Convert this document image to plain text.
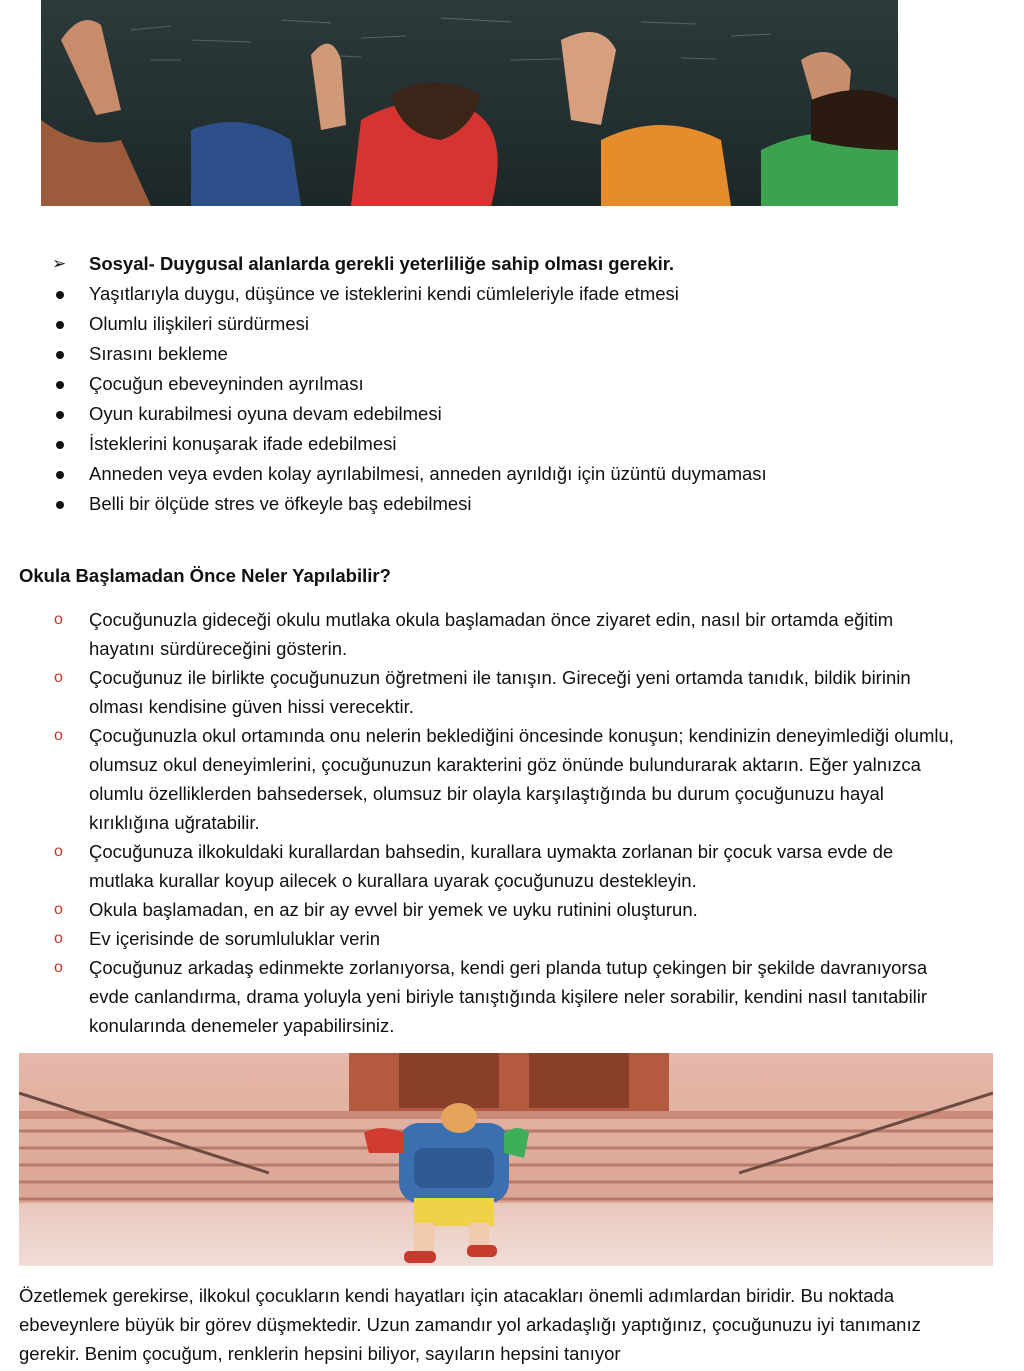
➢	Sosyal- Duygusal alanlarda gerekli yeterliliğe sahip olması gerekir.
Yaşıtlarıyla duygu, düşünce ve isteklerini kendi cümleleriyle ifade etmesi
Olumlu ilişkileri sürdürmesi
Sırasını bekleme
Çocuğun ebeveyninden ayrılması
Oyun kurabilmesi oyuna devam edebilmesi
İsteklerini konuşarak ifade edebilmesi
Anneden veya evden kolay ayrılabilmesi, anneden ayrıldığı için üzüntü duymaması
Belli bir ölçüde stres ve öfkeyle baş edebilmesi
Okula Başlamadan Önce Neler Yapılabilir?
o	Çocuğunuzla gideceği okulu mutlaka okula başlamadan önce ziyaret edin, nasıl bir ortamda eğitim hayatını sürdüreceğini gösterin.
o	Çocuğunuz ile birlikte çocuğunuzun öğretmeni ile tanışın. Gireceği yeni ortamda tanıdık, bildik birinin olması kendisine güven hissi verecektir.
o	Çocuğunuzla okul ortamında onu nelerin beklediğini öncesinde konuşun; kendinizin deneyimlediği olumlu, olumsuz okul deneyimlerini, çocuğunuzun karakterini göz önünde bulundurarak aktarın. Eğer yalnızca olumlu özelliklerden bahsedersek, olumsuz bir olayla karşılaştığında bu durum çocuğunuzu hayal kırıklığına uğratabilir.
o	Çocuğunuza ilkokuldaki kurallardan bahsedin, kurallara uymakta zorlanan bir çocuk varsa evde de mutlaka kurallar koyup ailecek o kurallara uyarak çocuğunuzu destekleyin.
o	Okula başlamadan, en az bir ay evvel bir yemek ve uyku rutinini oluşturun.
o	Ev içerisinde de sorumluluklar verin
o	Çocuğunuz arkadaş edinmekte zorlanıyorsa, kendi geri planda tutup çekingen bir şekilde davranıyorsa evde canlandırma, drama yoluyla yeni biriyle tanıştığında kişilere neler sorabilir, kendini nasıl tanıtabilir konularında denemeler yapabilirsiniz.

Özetlemek gerekirse, ilkokul çocukların kendi hayatları için atacakları önemli adımlardan biridir. Bu noktada ebeveynlere büyük bir görev düşmektedir. Uzun zamandır yol arkadaşlığı yaptığınız, çocuğunuzu iyi tanımanız gerekir. Benim çocuğum, renklerin hepsini biliyor, sayıların hepsini tanıyor
